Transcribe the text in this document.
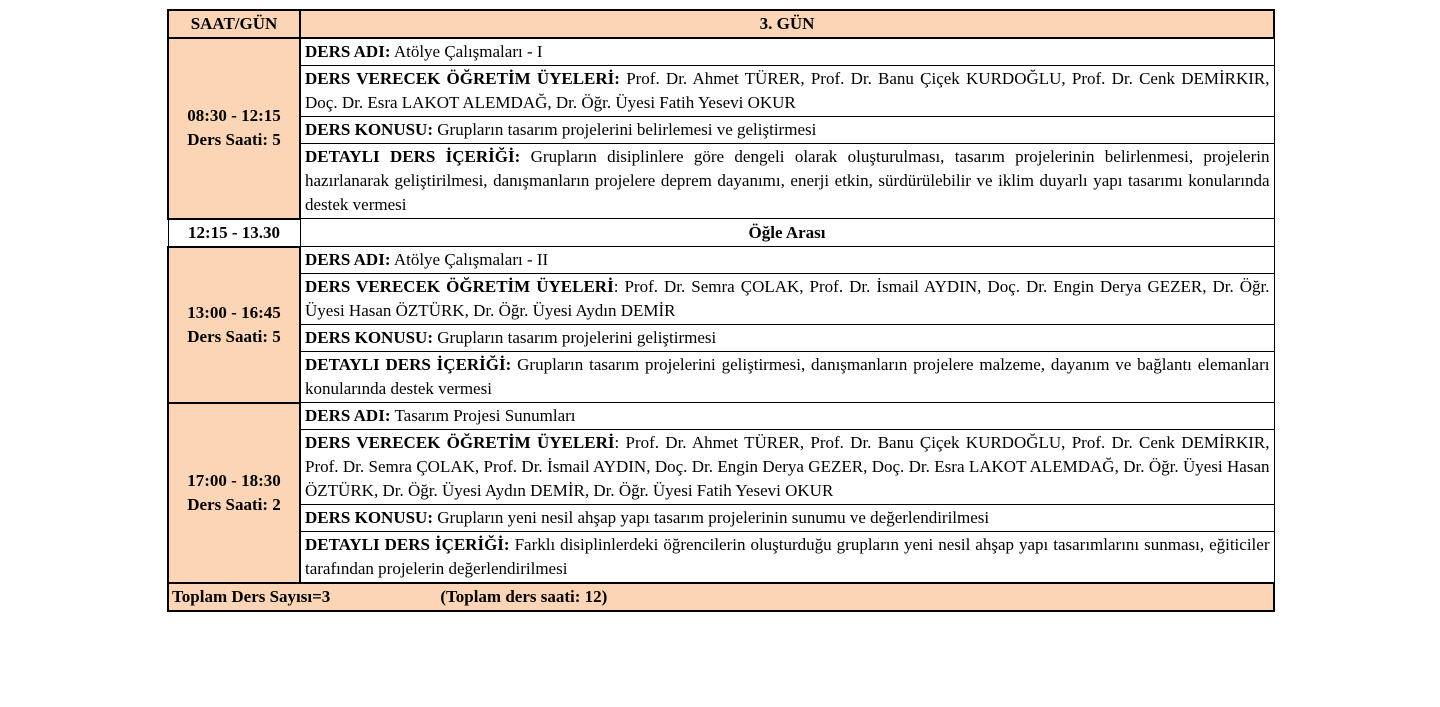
SAAT/GÜN	3. GÜN

08:30 - 12:15
Ders Saati: 5	DERS ADI: Atölye Çalışmaları - I
	DERS VERECEK ÖĞRETİM ÜYELERİ: Prof. Dr. Ahmet TÜRER, Prof. Dr. Banu Çiçek KURDOĞLU, Prof. Dr. Cenk DEMİRKIR, Doç. Dr. Esra LAKOT ALEMDAĞ, Dr. Öğr. Üyesi Fatih Yesevi OKUR
	DERS KONUSU: Grupların tasarım projelerini belirlemesi ve geliştirmesi
	DETAYLI DERS İÇERİĞİ: Grupların disiplinlere göre dengeli olarak oluşturulması, tasarım projelerinin belirlenmesi, projelerin hazırlanarak geliştirilmesi, danışmanların projelere deprem dayanımı, enerji etkin, sürdürülebilir ve iklim duyarlı yapı tasarımı konularında destek vermesi
12:15 - 13.30	Öğle Arası

13:00 - 16:45
Ders Saati: 5	DERS ADI: Atölye Çalışmaları - II
	DERS VERECEK ÖĞRETİM ÜYELERİ: Prof. Dr. Semra ÇOLAK, Prof. Dr. İsmail AYDIN, Doç. Dr. Engin Derya GEZER, Dr. Öğr. Üyesi Hasan ÖZTÜRK, Dr. Öğr. Üyesi Aydın DEMİR
	DERS KONUSU: Grupların tasarım projelerini geliştirmesi
	DETAYLI DERS İÇERİĞİ: Grupların tasarım projelerini geliştirmesi, danışmanların projelere malzeme, dayanım ve bağlantı elemanları konularında destek vermesi

17:00 - 18:30
Ders Saati: 2	DERS ADI: Tasarım Projesi Sunumları
	DERS VERECEK ÖĞRETİM ÜYELERİ: Prof. Dr. Ahmet TÜRER, Prof. Dr. Banu Çiçek KURDOĞLU, Prof. Dr. Cenk DEMİRKIR, Prof. Dr. Semra ÇOLAK, Prof. Dr. İsmail AYDIN, Doç. Dr. Engin Derya GEZER, Doç. Dr. Esra LAKOT ALEMDAĞ, Dr. Öğr. Üyesi Hasan ÖZTÜRK, Dr. Öğr. Üyesi Aydın DEMİR, Dr. Öğr. Üyesi Fatih Yesevi OKUR
	DERS KONUSU: Grupların yeni nesil ahşap yapı tasarım projelerinin sunumu ve değerlendirilmesi
	DETAYLI DERS İÇERİĞİ: Farklı disiplinlerdeki öğrencilerin oluşturduğu grupların yeni nesil ahşap yapı tasarımlarını sunması, eğiticiler tarafından projelerin değerlendirilmesi
Toplam Ders Sayısı=3 (Toplam ders saati: 12)	
